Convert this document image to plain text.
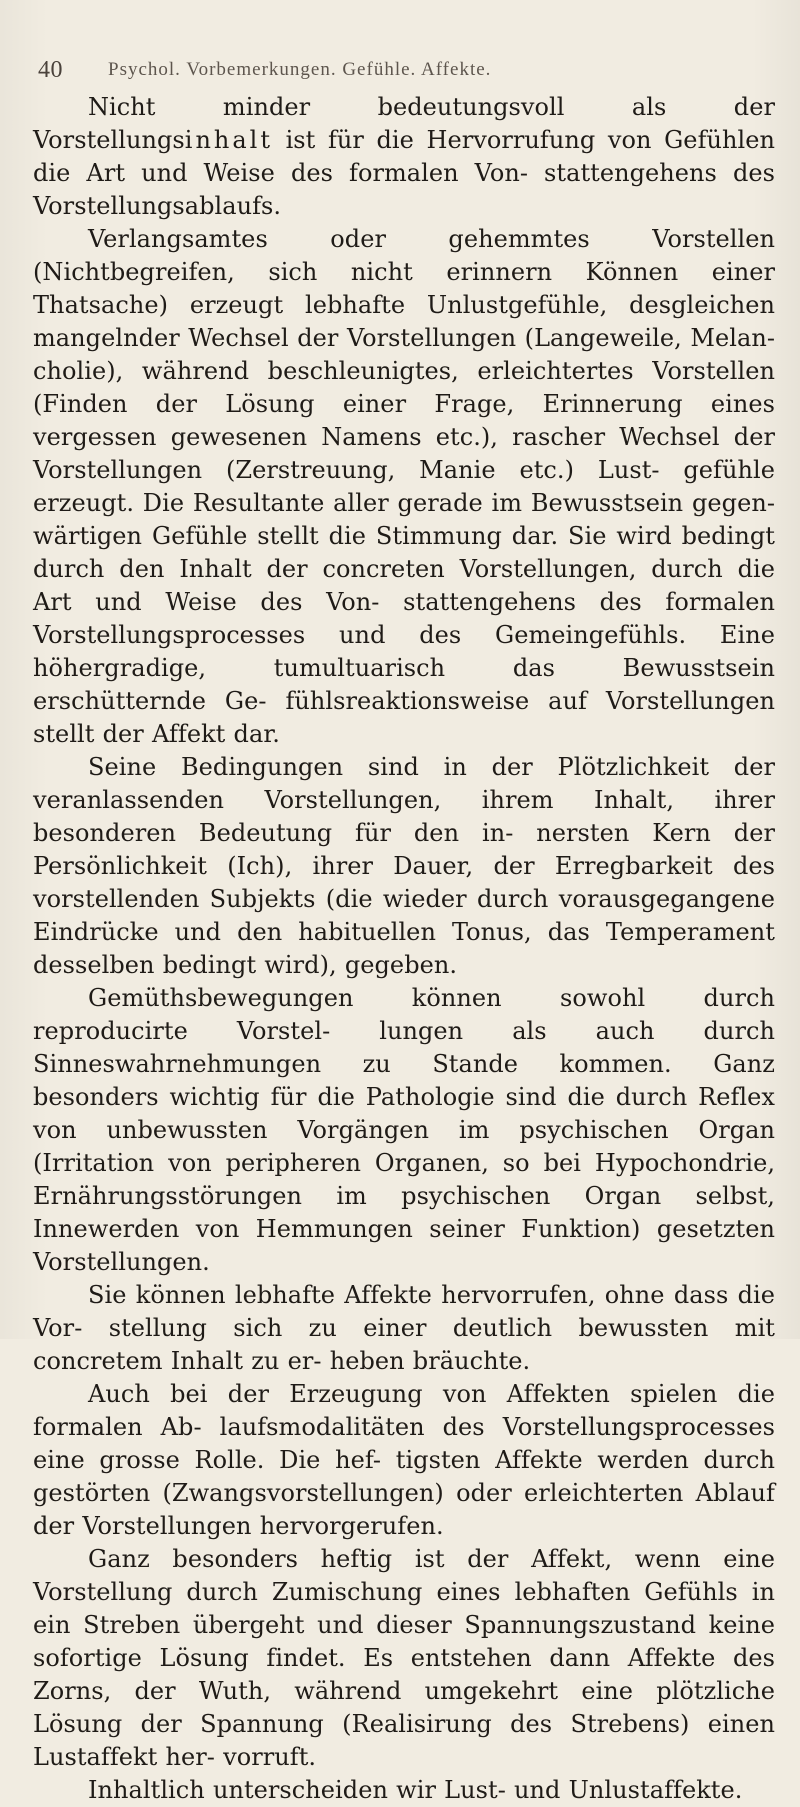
40 Psychol. Vorbemerkungen. Gefühle. Affekte.

Nicht minder bedeutungsvoll als der Vorstellungsinhalt ist für die Hervorrufung von Gefühlen die Art und Weise des formalen Von- stattengehens des Vorstellungsablaufs.

Verlangsamtes oder gehemmtes Vorstellen (Nichtbegreifen, sich nicht erinnern Können einer Thatsache) erzeugt lebhafte Unlustgefühle, desgleichen mangelnder Wechsel der Vorstellungen (Langeweile, Melan- cholie), während beschleunigtes, erleichtertes Vorstellen (Finden der Lösung einer Frage, Erinnerung eines vergessen gewesenen Namens etc.), rascher Wechsel der Vorstellungen (Zerstreuung, Manie etc.) Lust- gefühle erzeugt. Die Resultante aller gerade im Bewusstsein gegen- wärtigen Gefühle stellt die Stimmung dar. Sie wird bedingt durch den Inhalt der concreten Vorstellungen, durch die Art und Weise des Von- stattengehens des formalen Vorstellungsprocesses und des Gemeingefühls. Eine höhergradige, tumultuarisch das Bewusstsein erschütternde Ge- fühlsreaktionsweise auf Vorstellungen stellt der Affekt dar.

Seine Bedingungen sind in der Plötzlichkeit der veranlassenden Vorstellungen, ihrem Inhalt, ihrer besonderen Bedeutung für den in- nersten Kern der Persönlichkeit (Ich), ihrer Dauer, der Erregbarkeit des vorstellenden Subjekts (die wieder durch vorausgegangene Eindrücke und den habituellen Tonus, das Temperament desselben bedingt wird), gegeben.

Gemüthsbewegungen können sowohl durch reproducirte Vorstel- lungen als auch durch Sinneswahrnehmungen zu Stande kommen. Ganz besonders wichtig für die Pathologie sind die durch Reflex von unbewussten Vorgängen im psychischen Organ (Irritation von peripheren Organen, so bei Hypochondrie, Ernährungsstörungen im psychischen Organ selbst, Innewerden von Hemmungen seiner Funktion) gesetzten Vorstellungen.

Sie können lebhafte Affekte hervorrufen, ohne dass die Vor- stellung sich zu einer deutlich bewussten mit concretem Inhalt zu er- heben bräuchte.

Auch bei der Erzeugung von Affekten spielen die formalen Ab- laufsmodalitäten des Vorstellungsprocesses eine grosse Rolle. Die hef- tigsten Affekte werden durch gestörten (Zwangsvorstellungen) oder erleichterten Ablauf der Vorstellungen hervorgerufen.

Ganz besonders heftig ist der Affekt, wenn eine Vorstellung durch Zumischung eines lebhaften Gefühls in ein Streben übergeht und dieser Spannungszustand keine sofortige Lösung findet. Es entstehen dann Affekte des Zorns, der Wuth, während umgekehrt eine plötzliche Lösung der Spannung (Realisirung des Strebens) einen Lustaffekt her- vorruft.

Inhaltlich unterscheiden wir Lust- und Unlustaffekte.
